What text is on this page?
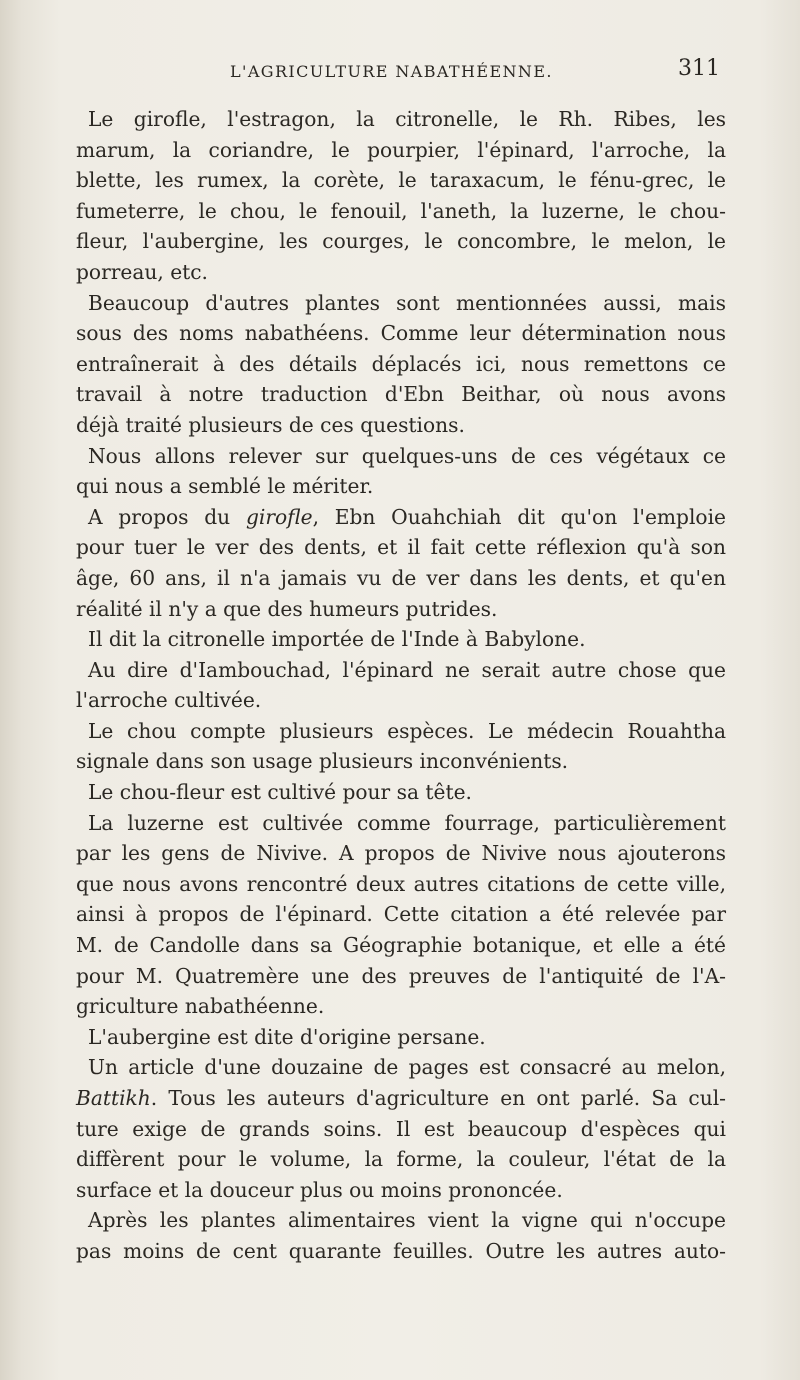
L'AGRICULTURE NABATHÉENNE.	311
Le girofle, l'estragon, la citronelle, le Rh. Ribes, les
marum, la coriandre, le pourpier, l'épinard, l'arroche, la
blette, les rumex, la corète, le taraxacum, le fénu-grec, le
fumeterre, le chou, le fenouil, l'aneth, la luzerne, le chou-
fleur, l'aubergine, les courges, le concombre, le melon, le
porreau, etc.
Beaucoup d'autres plantes sont mentionnées aussi, mais
sous des noms nabathéens. Comme leur détermination nous
entraînerait à des détails déplacés ici, nous remettons ce
travail à notre traduction d'Ebn Beithar, où nous avons
déjà traité plusieurs de ces questions.
Nous allons relever sur quelques-uns de ces végétaux ce
qui nous a semblé le mériter.
A propos du girofle, Ebn Ouahchiah dit qu'on l'emploie
pour tuer le ver des dents, et il fait cette réflexion qu'à son
âge, 60 ans, il n'a jamais vu de ver dans les dents, et qu'en
réalité il n'y a que des humeurs putrides.
Il dit la citronelle importée de l'Inde à Babylone.
Au dire d'Iambouchad, l'épinard ne serait autre chose que
l'arroche cultivée.
Le chou compte plusieurs espèces. Le médecin Rouahtha
signale dans son usage plusieurs inconvénients.
Le chou-fleur est cultivé pour sa tête.
La luzerne est cultivée comme fourrage, particulièrement
par les gens de Nivive. A propos de Nivive nous ajouterons
que nous avons rencontré deux autres citations de cette ville,
ainsi à propos de l'épinard. Cette citation a été relevée par
M. de Candolle dans sa Géographie botanique, et elle a été
pour M. Quatremère une des preuves de l'antiquité de l'A-
griculture nabathéenne.
L'aubergine est dite d'origine persane.
Un article d'une douzaine de pages est consacré au melon,
Battikh. Tous les auteurs d'agriculture en ont parlé. Sa cul-
ture exige de grands soins. Il est beaucoup d'espèces qui
diffèrent pour le volume, la forme, la couleur, l'état de la
surface et la douceur plus ou moins prononcée.
Après les plantes alimentaires vient la vigne qui n'occupe
pas moins de cent quarante feuilles. Outre les autres auto-
